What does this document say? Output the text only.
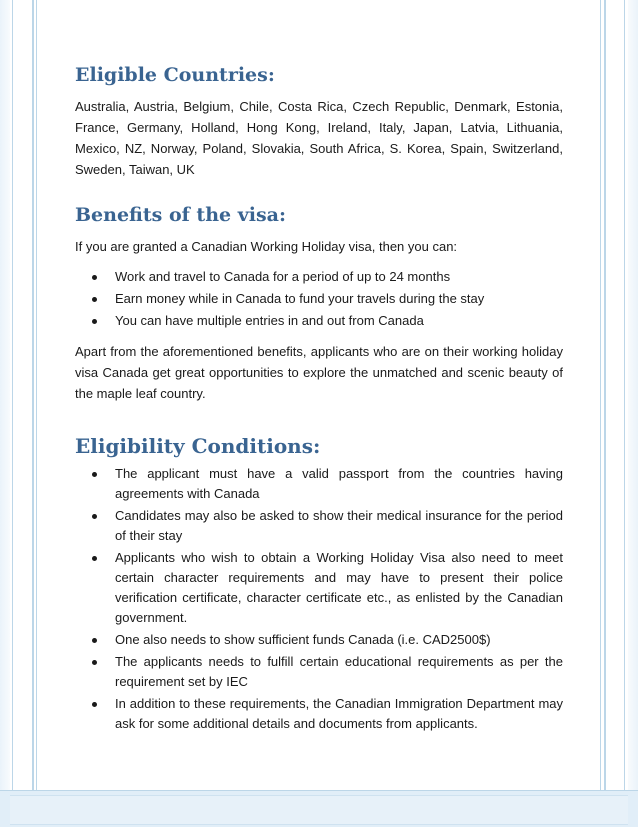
Eligible Countries:

Australia, Austria, Belgium, Chile, Costa Rica, Czech Republic, Denmark, Estonia, France, Germany, Holland, Hong Kong, Ireland, Italy, Japan, Latvia, Lithuania, Mexico, NZ, Norway, Poland, Slovakia, South Africa, S. Korea, Spain, Switzerland, Sweden, Taiwan, UK

Benefits of the visa:

If you are granted a Canadian Working Holiday visa, then you can:

Work and travel to Canada for a period of up to 24 months
Earn money while in Canada to fund your travels during the stay
You can have multiple entries in and out from Canada

Apart from the aforementioned benefits, applicants who are on their working holiday visa Canada get great opportunities to explore the unmatched and scenic beauty of the maple leaf country.

Eligibility Conditions:
The applicant must have a valid passport from the countries having agreements with Canada
Candidates may also be asked to show their medical insurance for the period of their stay
Applicants who wish to obtain a Working Holiday Visa also need to meet certain character requirements and may have to present their police verification certificate, character certificate etc., as enlisted by the Canadian government.
One also needs to show sufficient funds Canada (i.e. CAD2500$)
The applicants needs to fulfill certain educational requirements as per the requirement set by IEC
In addition to these requirements, the Canadian Immigration Department may ask for some additional details and documents from applicants.
